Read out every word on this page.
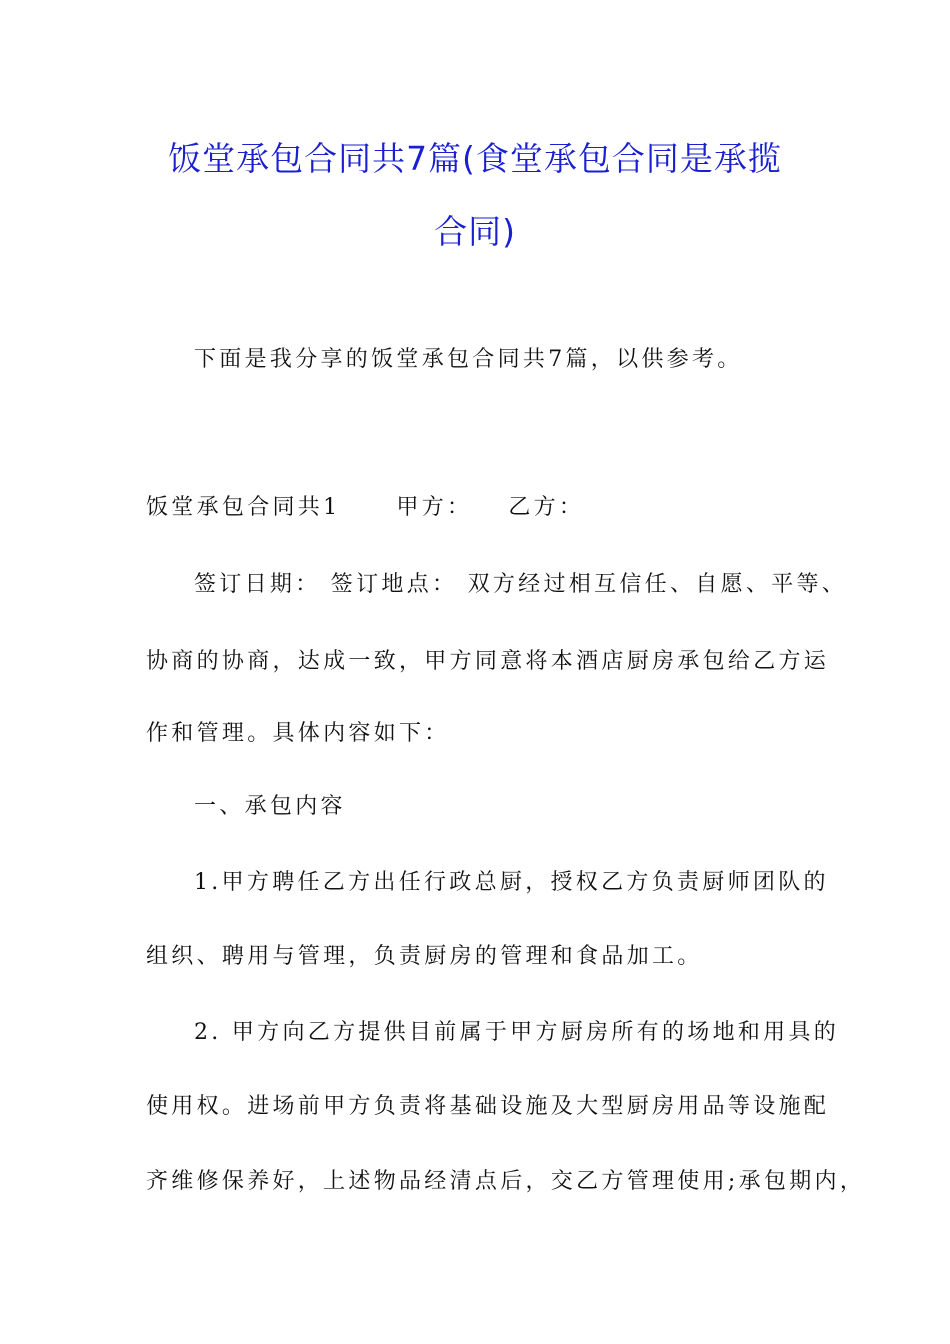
饭堂承包合同共7篇(食堂承包合同是承揽
合同)
下面是我分享的饭堂承包合同共7篇，以供参考。
饭堂承包合同共1	甲方： 乙方：
签订日期： 签订地点： 双方经过相互信任、自愿、平等、
协商的协商，达成一致，甲方同意将本酒店厨房承包给乙方运
作和管理。具体内容如下：
一、承包内容
1.甲方聘任乙方出任行政总厨，授权乙方负责厨师团队的
组织、聘用与管理，负责厨房的管理和食品加工。
2. 甲方向乙方提供目前属于甲方厨房所有的场地和用具的
使用权。进场前甲方负责将基础设施及大型厨房用品等设施配
齐维修保养好，上述物品经清点后，交乙方管理使用;承包期内，
